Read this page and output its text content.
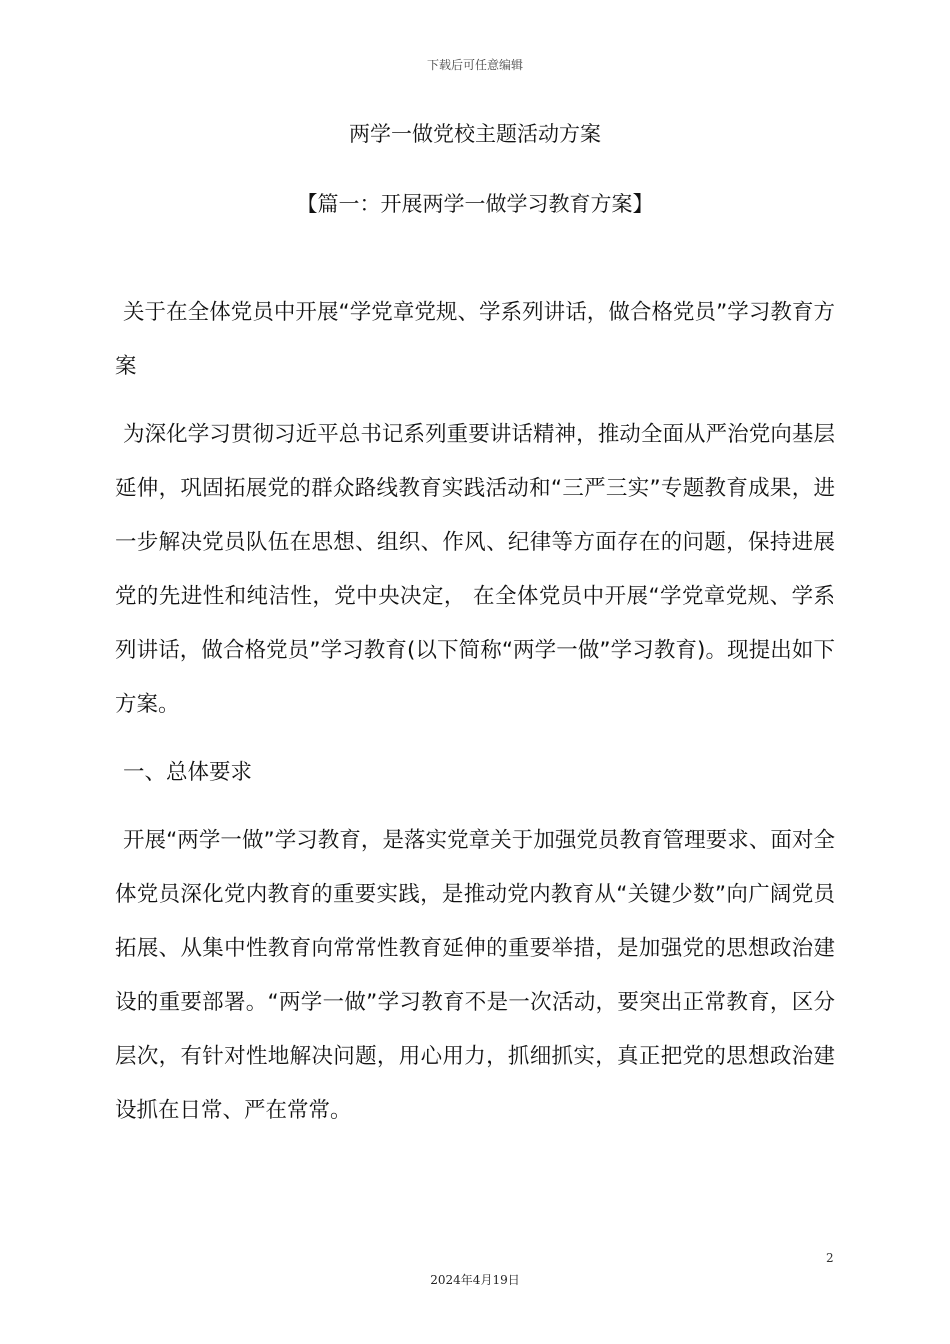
下载后可任意编辑
两学一做党校主题活动方案
【篇一：开展两学一做学习教育方案】

关于在全体党员中开展“学党章党规、学系列讲话，做合格党员”学习教育方案

为深化学习贯彻习近平总书记系列重要讲话精神，推动全面从严治党向基层延伸，巩固拓展党的群众路线教育实践活动和“三严三实”专题教育成果，进一步解决党员队伍在思想、组织、作风、纪律等方面存在的问题，保持进展党的先进性和纯洁性，党中央决定， 在全体党员中开展“学党章党规、学系列讲话，做合格党员”学习教育(以下简称“两学一做”学习教育)。现提出如下方案。

一、总体要求

开展“两学一做”学习教育，是落实党章关于加强党员教育管理要求、面对全体党员深化党内教育的重要实践，是推动党内教育从“关键少数”向广阔党员拓展、从集中性教育向常常性教育延伸的重要举措，是加强党的思想政治建设的重要部署。“两学一做”学习教育不是一次活动，要突出正常教育，区分层次，有针对性地解决问题，用心用力，抓细抓实，真正把党的思想政治建设抓在日常、严在常常。

2
2024年4月19日
